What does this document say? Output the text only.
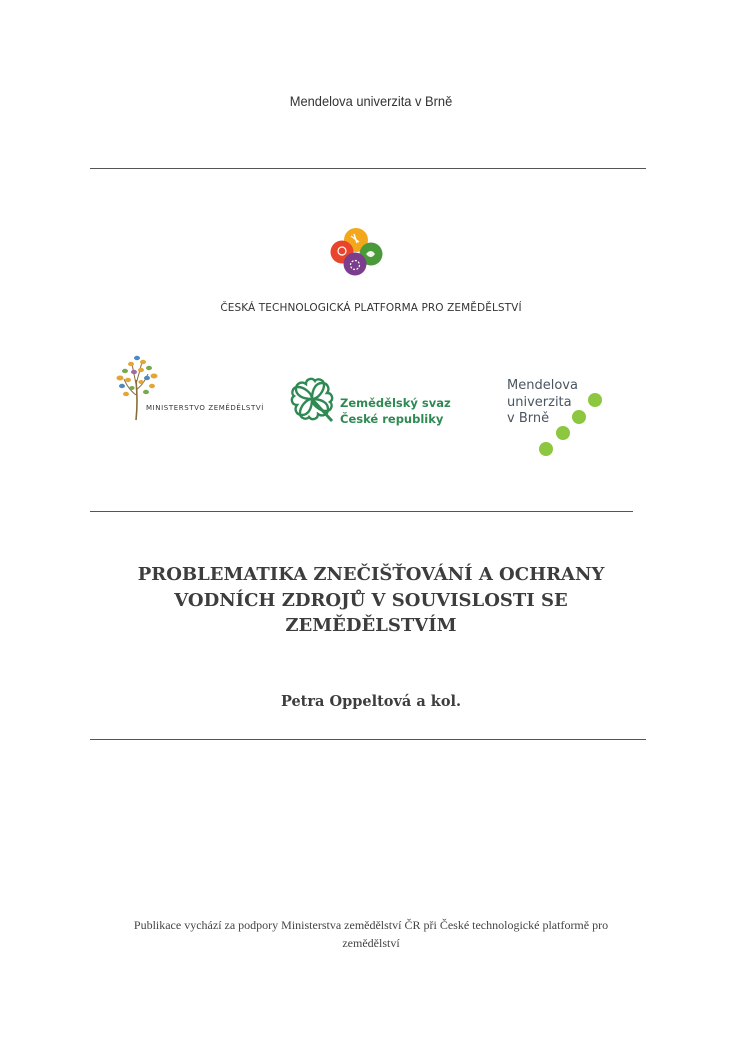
Mendelova univerzita v Brně
ČESKÁ TECHNOLOGICKÁ PLATFORMA PRO ZEMĚDĚLSTVÍ
MINISTERSTVO ZEMĚDĚLSTVÍ	Zemědělský svaz
České republiky
Mendelova
univerzita
v Brně
PROBLEMATIKA ZNEČIŠŤOVÁNÍ A OCHRANY
VODNÍCH ZDROJŮ V SOUVISLOSTI SE
ZEMĚDĚLSTVÍM
Petra Oppeltová a kol.
Publikace vychází za podpory Ministerstva zemědělství ČR při České technologické platformě pro
zemědělství
